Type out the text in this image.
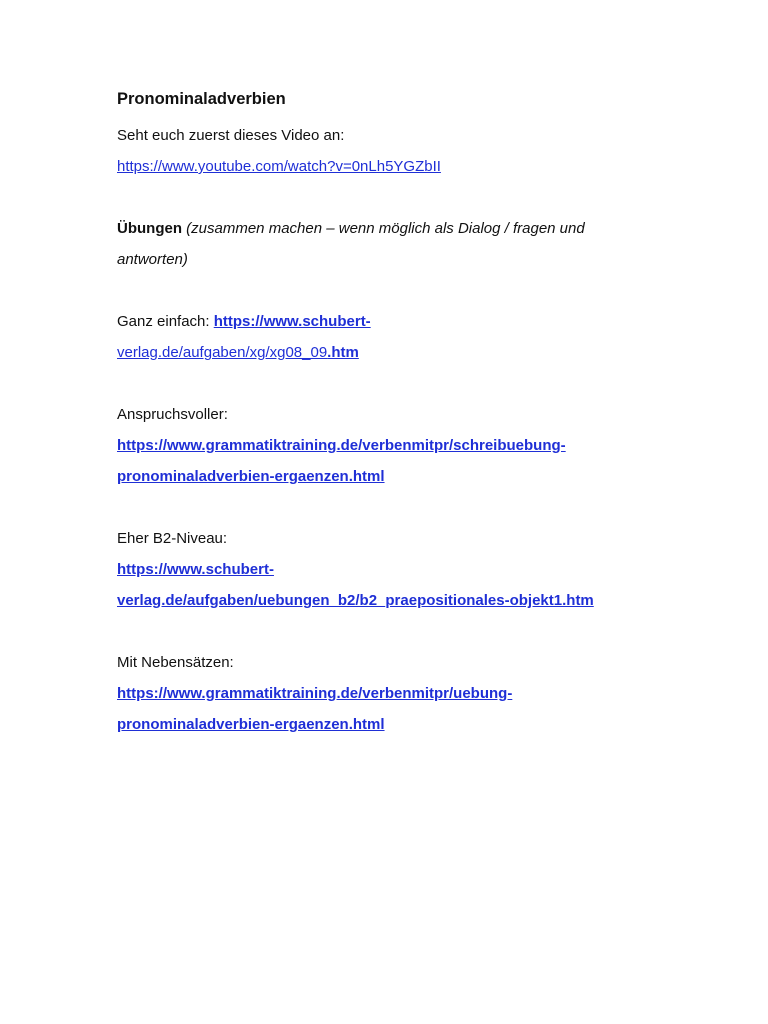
Pronominaladverbien

Seht euch zuerst dieses Video an:

https://www.youtube.com/watch?v=0nLh5YGZbII

Übungen (zusammen machen – wenn möglich als Dialog / fragen und

antworten)

Ganz einfach: https://www.schubert-

verlag.de/aufgaben/xg/xg08_09.htm

Anspruchsvoller:

https://www.grammatiktraining.de/verbenmitpr/schreibuebung-

pronominaladverbien-ergaenzen.html

Eher B2-Niveau:

https://www.schubert-

verlag.de/aufgaben/uebungen_b2/b2_praepositionales-objekt1.htm

Mit Nebensätzen:

https://www.grammatiktraining.de/verbenmitpr/uebung-

pronominaladverbien-ergaenzen.html
